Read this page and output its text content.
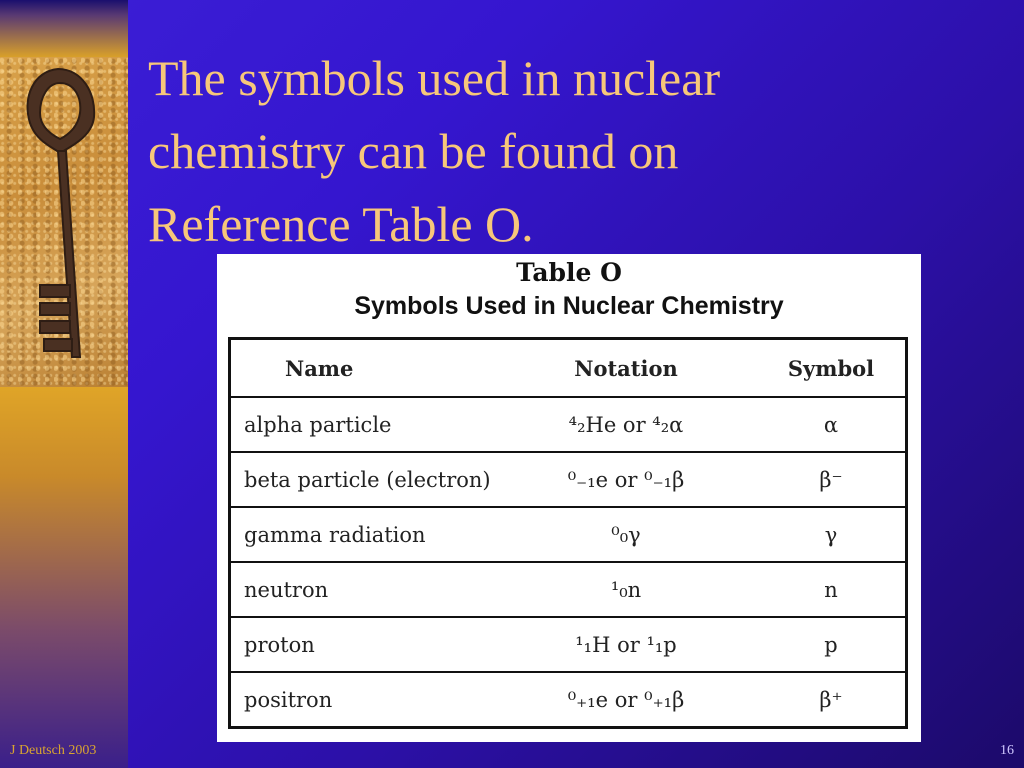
The symbols used in nuclear
chemistry can be found on
Reference Table O.
Table O
Symbols Used in Nuclear Chemistry
Name	Notation	Symbol
alpha particle	⁴₂He or ⁴₂α	α
beta particle (electron)	⁰₋₁e or ⁰₋₁β	β⁻
gamma radiation	⁰₀γ	γ
neutron	¹₀n	n
proton	¹₁H or ¹₁p	p
positron	⁰₊₁e or ⁰₊₁β	β⁺
J Deutsch 2003	16
